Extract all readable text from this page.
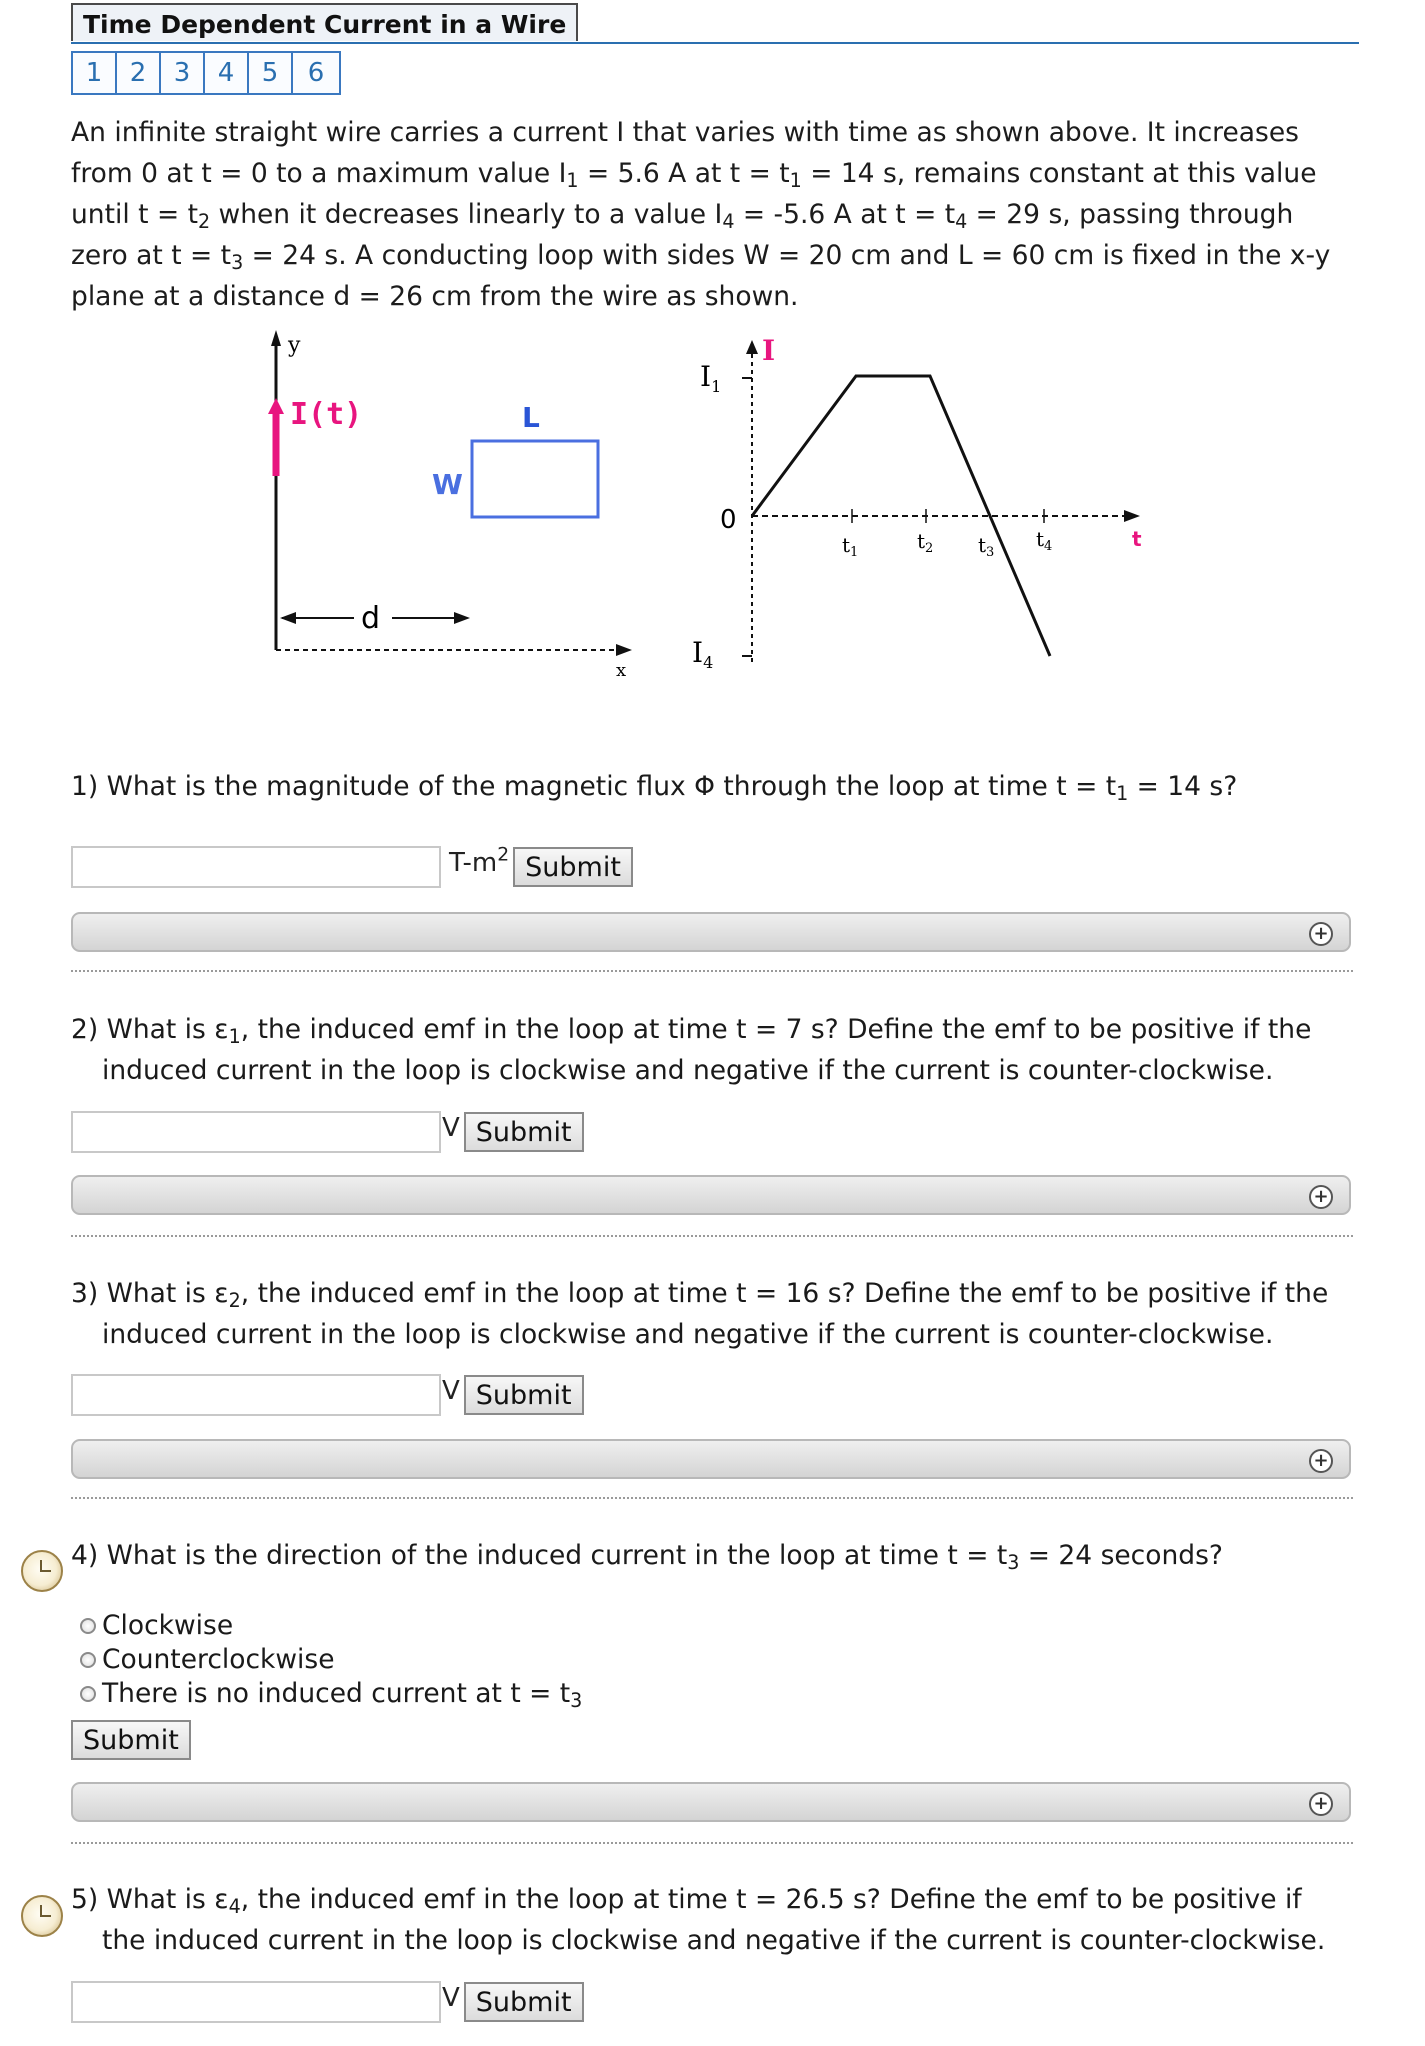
Time Dependent Current in a Wire
1	2	3	4	5	6
An infinite straight wire carries a current I that varies with time as shown above. It increases
from 0 at t = 0 to a maximum value $I_1 = 5.6$ A at $t = t_1 = 14$ s, remains constant at this value
until $t = t_2$ when it decreases linearly to a value $I_4 = -5.6$ A at $t = t_4 = 29$ s, passing through
zero at $t = t_3 = 24$ s. A conducting loop with sides W = 20 cm and L = 60 cm is fixed in the x-y
plane at a distance d = 26 cm from the wire as shown.
y
I(t)
W
L
d
x
I
t
0
$I_1$
$I_4$
$t_1$	$t_2$ $t_3$
$t_4$
1) What is the magnitude of the magnetic flux Φ through the loop at time $t = t_1 = 14$ s?
$T-m^2$ Submit
+
2) What is $\varepsilon_1$, the induced emf in the loop at time t = 7 s? Define the emf to be positive if the
induced current in the loop is clockwise and negative if the current is counter-clockwise.
V Submit
+
3) What is $\varepsilon_2$, the induced emf in the loop at time t = 16 s? Define the emf to be positive if the
induced current in the loop is clockwise and negative if the current is counter-clockwise.
V Submit
+
4) What is the direction of the induced current in the loop at time $t = t_3 = 24$ seconds?
Clockwise
Counterclockwise
There is no induced current at $t = t_3$
Submit
+
5) What is $\varepsilon_4$, the induced emf in the loop at time t = 26.5 s? Define the emf to be positive if
the induced current in the loop is clockwise and negative if the current is counter-clockwise.
V Submit
